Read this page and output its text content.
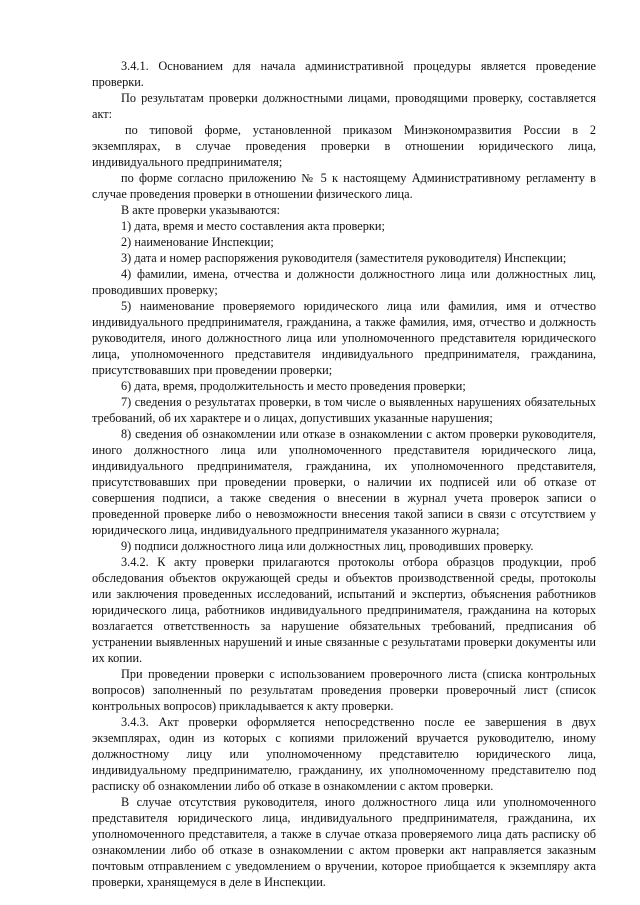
3.4.1. Основанием для начала административной процедуры является проведение проверки.

По результатам проверки должностными лицами, проводящими проверку, составляется акт:

по типовой форме, установленной приказом Минэкономразвития России в 2 экземплярах, в случае проведения проверки в отношении юридического лица, индивидуального предпринимателя;

по форме согласно приложению № 5 к настоящему Административному регламенту в случае проведения проверки в отношении физического лица.

В акте проверки указываются:

1) дата, время и место составления акта проверки;

2) наименование Инспекции;

3) дата и номер распоряжения руководителя (заместителя руководителя) Инспекции;

4) фамилии, имена, отчества и должности должностного лица или должностных лиц, проводивших проверку;

5) наименование проверяемого юридического лица или фамилия, имя и отчество индивидуального предпринимателя, гражданина, а также фамилия, имя, отчество и должность руководителя, иного должностного лица или уполномоченного представителя юридического лица, уполномоченного представителя индивидуального предпринимателя, гражданина, присутствовавших при проведении проверки;

6) дата, время, продолжительность и место проведения проверки;

7) сведения о результатах проверки, в том числе о выявленных нарушениях обязательных требований, об их характере и о лицах, допустивших указанные нарушения;

8) сведения об ознакомлении или отказе в ознакомлении с актом проверки руководителя, иного должностного лица или уполномоченного представителя юридического лица, индивидуального предпринимателя, гражданина, их уполномоченного представителя, присутствовавших при проведении проверки, о наличии их подписей или об отказе от совершения подписи, а также сведения о внесении в журнал учета проверок записи о проведенной проверке либо о невозможности внесения такой записи в связи с отсутствием у юридического лица, индивидуального предпринимателя указанного журнала;

9) подписи должностного лица или должностных лиц, проводивших проверку.

3.4.2. К акту проверки прилагаются протоколы отбора образцов продукции, проб обследования объектов окружающей среды и объектов производственной среды, протоколы или заключения проведенных исследований, испытаний и экспертиз, объяснения работников юридического лица, работников индивидуального предпринимателя, гражданина на которых возлагается ответственность за нарушение обязательных требований, предписания об устранении выявленных нарушений и иные связанные с результатами проверки документы или их копии.

При проведении проверки с использованием проверочного листа (списка контрольных вопросов) заполненный по результатам проведения проверки проверочный лист (список контрольных вопросов) прикладывается к акту проверки.

3.4.3. Акт проверки оформляется непосредственно после ее завершения в двух экземплярах, один из которых с копиями приложений вручается руководителю, иному должностному лицу или уполномоченному представителю юридического лица, индивидуальному предпринимателю, гражданину, их уполномоченному представителю под расписку об ознакомлении либо об отказе в ознакомлении с актом проверки.

В случае отсутствия руководителя, иного должностного лица или уполномоченного представителя юридического лица, индивидуального предпринимателя, гражданина, их уполномоченного представителя, а также в случае отказа проверяемого лица дать расписку об ознакомлении либо об отказе в ознакомлении с актом проверки акт направляется заказным почтовым отправлением с уведомлением о вручении, которое приобщается к экземпляру акта проверки, хранящемуся в деле в Инспекции.
